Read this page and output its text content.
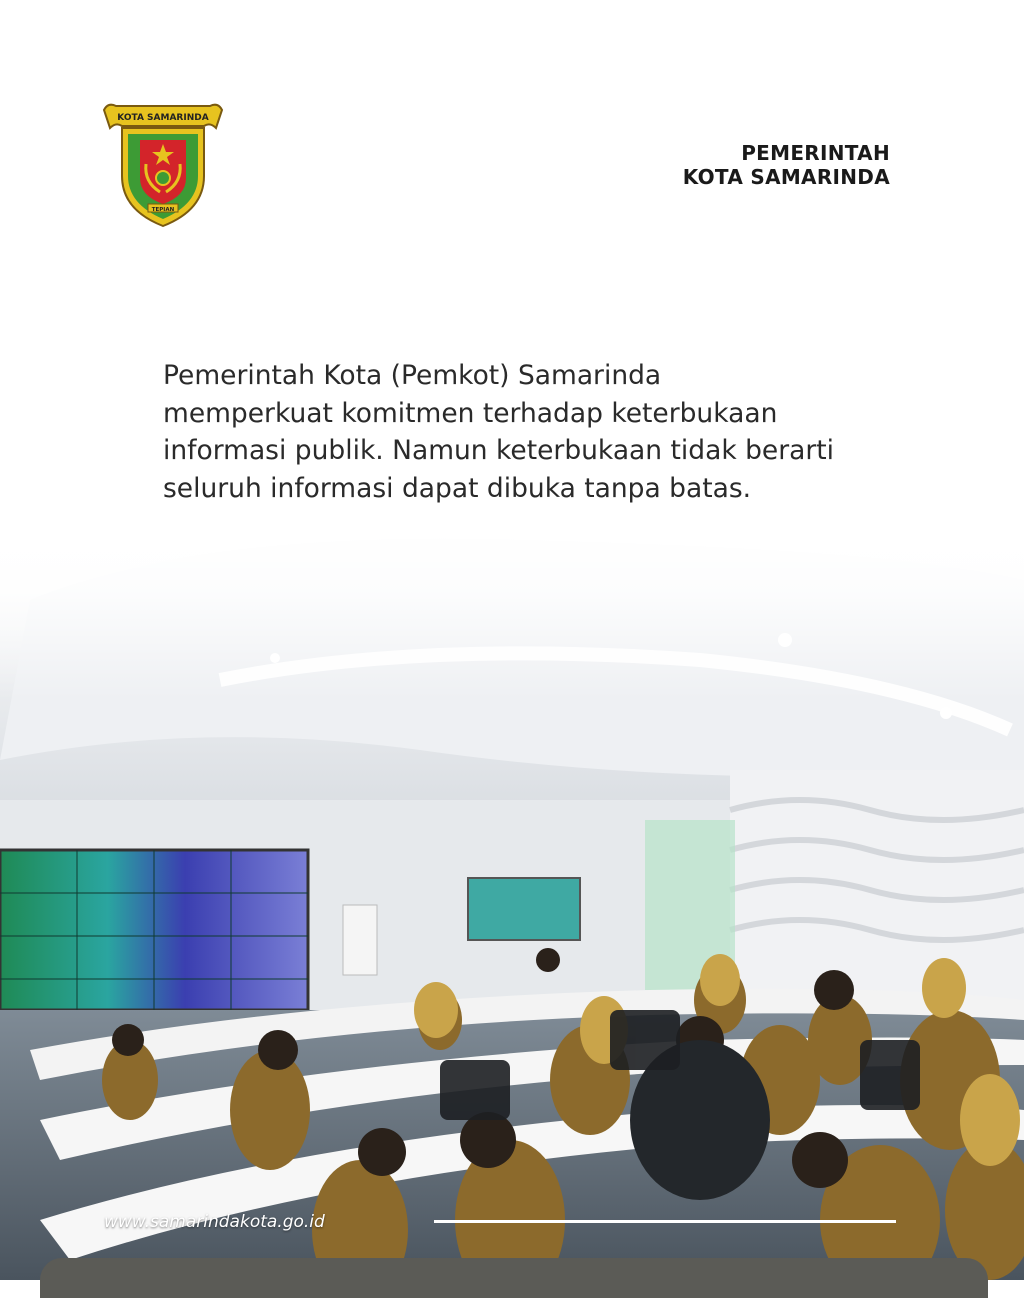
KOTA SAMARINDA
TEPIAN
PEMERINTAH
KOTA SAMARINDA
Pemerintah Kota (Pemkot) Samarinda
memperkuat komitmen terhadap keterbukaan
informasi publik. Namun keterbukaan tidak berarti
seluruh informasi dapat dibuka tanpa batas.
www.samarindakota.go.id
